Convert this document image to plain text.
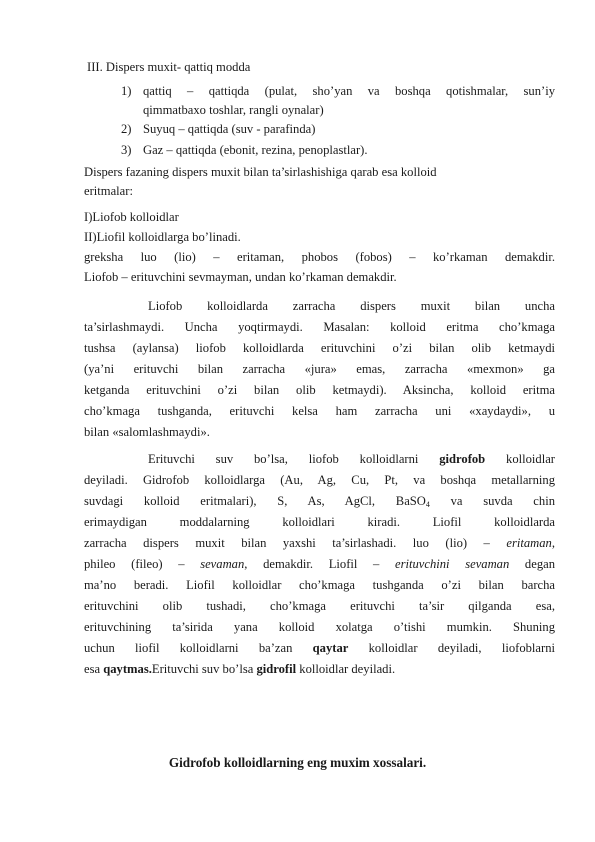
III. Dispers muxit- qattiq modda
1) qattiq – qattiqda (pulat, sho’yan va boshqa qotishmalar, sun’iy
qimmatbaxo toshlar, rangli oynalar)
2) Suyuq – qattiqda (suv - parafinda)
3) Gaz – qattiqda (ebonit, rezina, penoplastlar).
Dispers fazaning dispers muxit bilan ta’sirlashishiga qarab esa kolloid
eritmalar:
I)Liofob kolloidlar
II)Liofil kolloidlarga bo’linadi.
greksha luo (lio) – eritaman, phobos (fobos) – ko’rkaman demakdir.
Liofob – erituvchini sevmayman, undan ko’rkaman demakdir.
Liofob kolloidlarda zarracha dispers muxit bilan uncha
ta’sirlashmaydi. Uncha yoqtirmaydi. Masalan: kolloid eritma cho’kmaga
tushsa (aylansa) liofob kolloidlarda erituvchini o’zi bilan olib ketmaydi
(ya’ni erituvchi bilan zarracha «jura» emas, zarracha «mexmon» ga
ketganda erituvchini o’zi bilan olib ketmaydi). Aksincha, kolloid eritma
cho’kmaga tushganda, erituvchi kelsa ham zarracha uni «xaydaydi», u
bilan «salomlashmaydi».
Erituvchi suv bo’lsa, liofob kolloidlarni gidrofob kolloidlar
deyiladi. Gidrofob kolloidlarga (Au, Ag, Cu, Pt, va boshqa metallarning
suvdagi kolloid eritmalari), S, As, AgCl, BaSO$_4$ va suvda chin
erimaydigan moddalarning kolloidlari kiradi. Liofil kolloidlarda
zarracha dispers muxit bilan yaxshi ta’sirlashadi. luo (lio) – eritaman,
phileo (fileo) – sevaman, demakdir. Liofil – erituvchini sevaman degan
ma’no beradi. Liofil kolloidlar cho’kmaga tushganda o’zi bilan barcha
erituvchini olib tushadi, cho’kmaga erituvchi ta’sir qilganda esa,
erituvchining ta’sirida yana kolloid xolatga o’tishi mumkin. Shuning
uchun liofil kolloidlarni ba’zan qaytar kolloidlar deyiladi, liofoblarni
esa qaytmas.Erituvchi suv bo’lsa gidrofil kolloidlar deyiladi.
Gidrofob kolloidlarning eng muxim xossalari.
